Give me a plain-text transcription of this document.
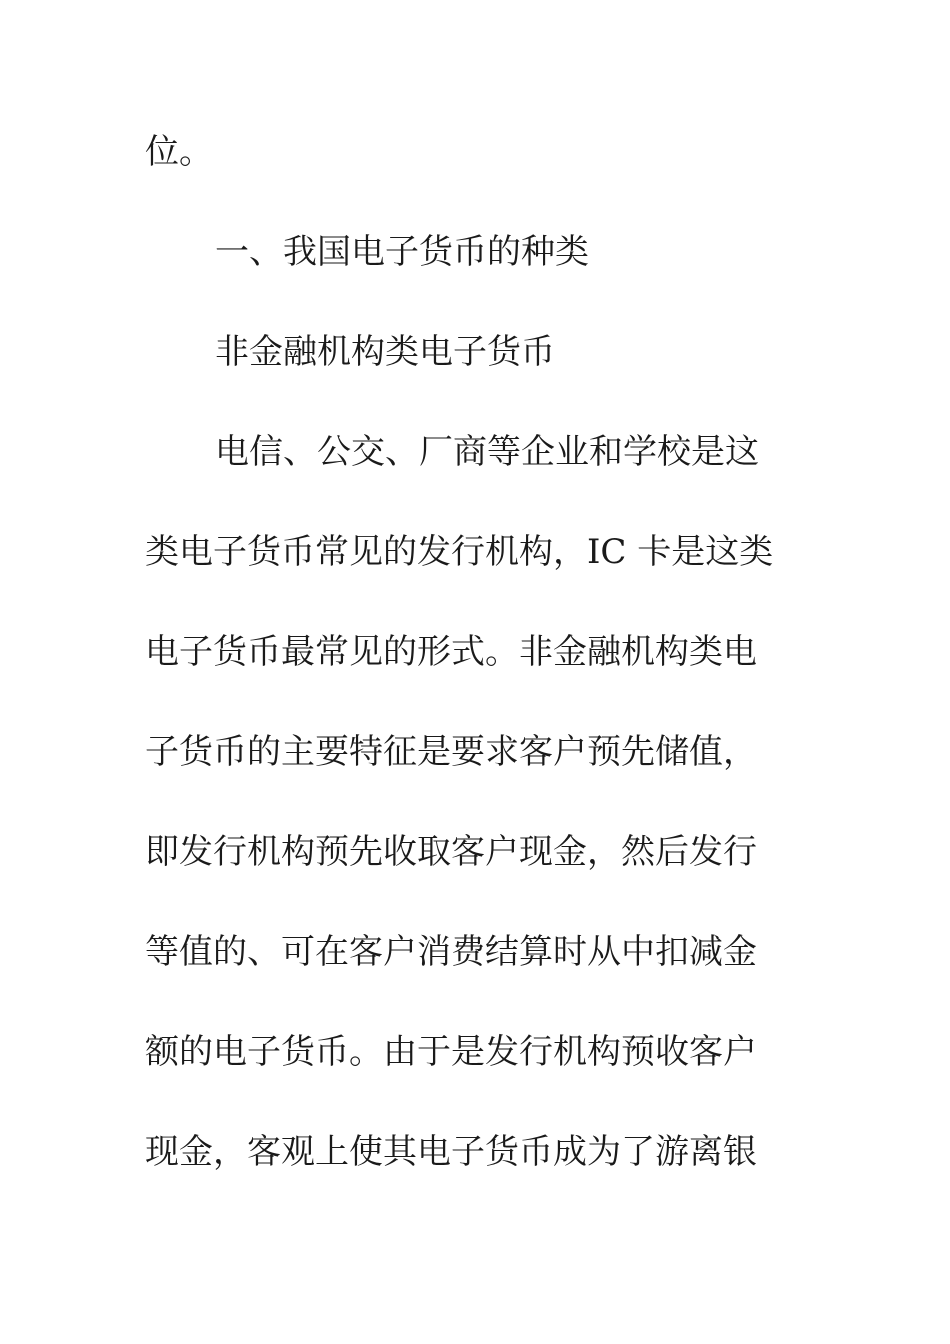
位。
一、我国电子货币的种类
非金融机构类电子货币
电信、公交、厂商等企业和学校是这
类电子货币常见的发行机构，IC 卡是这类
电子货币最常见的形式。非金融机构类电
子货币的主要特征是要求客户预先储值，
即发行机构预先收取客户现金，然后发行
等值的、可在客户消费结算时从中扣减金
额的电子货币。由于是发行机构预收客户
现金，客观上使其电子货币成为了游离银
